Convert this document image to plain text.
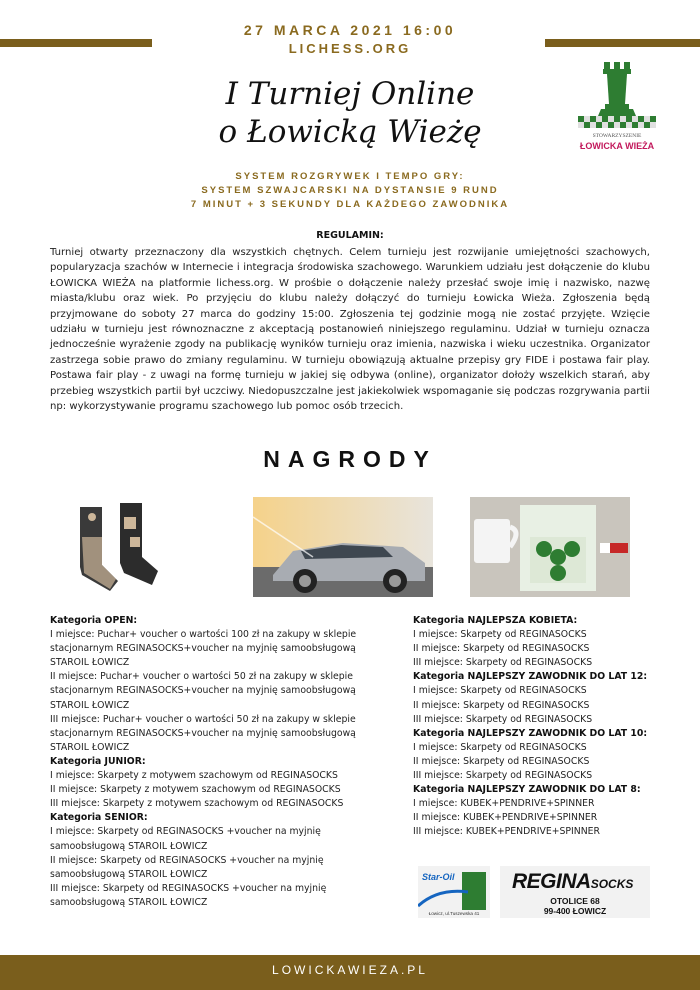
27 MARCA 2021 16:00
LICHESS.ORG
I Turniej Online
o Łowicką Wieżę	STOWARZYSZENIE
ŁOWICKA WIEŻA
SYSTEM ROZGRYWEK I TEMPO GRY:
SYSTEM SZWAJCARSKI NA DYSTANSIE 9 RUND
7 MINUT + 3 SEKUNDY DLA KAŻDEGO ZAWODNIKA
REGULAMIN:

Turniej otwarty przeznaczony dla wszystkich chętnych. Celem turnieju jest rozwijanie umiejętności szachowych, popularyzacja szachów w Internecie i integracja środowiska szachowego. Warunkiem udziału jest dołączenie do klubu ŁOWICKA WIEŻA na platformie lichess.org. W prośbie o dołączenie należy przesłać swoje imię i nazwisko, nazwę miasta/klubu oraz wiek. Po przyjęciu do klubu należy dołączyć do turnieju Łowicka Wieża. Zgłoszenia będą przyjmowane do soboty 27 marca do godziny 15:00. Zgłoszenia tej godzinie mogą nie zostać przyjęte. Wzięcie udziału w turnieju jest równoznaczne z akceptacją postanowień niniejszego regulaminu. Udział w turnieju oznacza jednocześnie wyrażenie zgody na publikację wyników turnieju oraz imienia, nazwiska i wieku uczestnika. Organizator zastrzega sobie prawo do zmiany regulaminu. W turnieju obowiązują aktualne przepisy gry FIDE i postawa fair play. Postawa fair play - z uwagi na formę turnieju w jakiej się odbywa (online), organizator dołoży wszelkich starań, aby przebieg wszystkich partii był uczciwy. Niedopuszczalne jest jakiekolwiek wspomaganie się podczas rozgrywania partii np: wykorzystywanie programu szachowego lub pomoc osób trzecich.

NAGRODY
Kategoria OPEN:
I miejsce: Puchar+ voucher o wartości 100 zł na zakupy w sklepie stacjonarnym REGINASOCKS+voucher na myjnię samoobsługową STAROIL ŁOWICZ
II miejsce: Puchar+ voucher o wartości 50 zł na zakupy w sklepie stacjonarnym REGINASOCKS+voucher na myjnię samoobsługową STAROIL ŁOWICZ
III miejsce: Puchar+ voucher o wartości 50 zł na zakupy w sklepie stacjonarnym REGINASOCKS+voucher na myjnię samoobsługową STAROIL ŁOWICZ
Kategoria JUNIOR:
I miejsce: Skarpety z motywem szachowym od REGINASOCKS
II miejsce: Skarpety z motywem szachowym od REGINASOCKS
III miejsce: Skarpety z motywem szachowym od REGINASOCKS
Kategoria SENIOR:
I miejsce: Skarpety od REGINASOCKS +voucher na myjnię samoobsługową STAROIL ŁOWICZ
II miejsce: Skarpety od REGINASOCKS +voucher na myjnię samoobsługową STAROIL ŁOWICZ
III miejsce: Skarpety od REGINASOCKS +voucher na myjnię samoobsługową STAROIL ŁOWICZ
Kategoria NAJLEPSZA KOBIETA:
I miejsce: Skarpety od REGINASOCKS
II miejsce: Skarpety od REGINASOCKS
III miejsce: Skarpety od REGINASOCKS
Kategoria NAJLEPSZY ZAWODNIK DO LAT 12:
I miejsce: Skarpety od REGINASOCKS
II miejsce: Skarpety od REGINASOCKS
III miejsce: Skarpety od REGINASOCKS
Kategoria NAJLEPSZY ZAWODNIK DO LAT 10:
I miejsce: Skarpety od REGINASOCKS
II miejsce: Skarpety od REGINASOCKS
III miejsce: Skarpety od REGINASOCKS
Kategoria NAJLEPSZY ZAWODNIK DO LAT 8:
I miejsce: KUBEK+PENDRIVE+SPINNER
II miejsce: KUBEK+PENDRIVE+SPINNER
III miejsce: KUBEK+PENDRIVE+SPINNER
Star-Oil
Łowicz, ul.Tuszewska 41
REGINASOCKS
OTOLICE 68
99-400 ŁOWICZ
LOWICKAWIEZA.PL
